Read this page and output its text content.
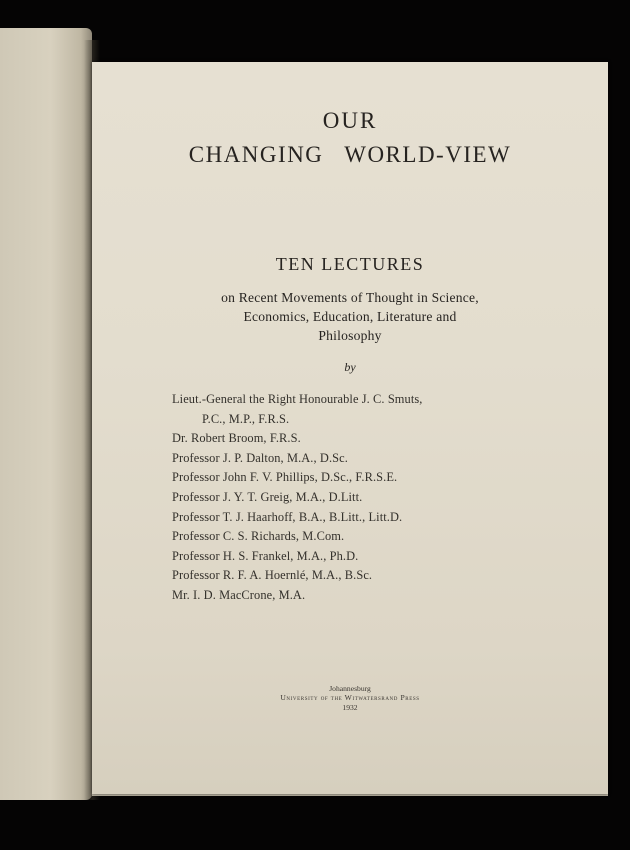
OUR
CHANGING WORLD-VIEW
TEN LECTURES
on Recent Movements of Thought in Science,
Economics, Education, Literature and
Philosophy
by
Lieut.-General the Right Honourable J. C. Smuts,
P.C., M.P., F.R.S.
Dr. Robert Broom, F.R.S.
Professor J. P. Dalton, M.A., D.Sc.
Professor John F. V. Phillips, D.Sc., F.R.S.E.
Professor J. Y. T. Greig, M.A., D.Litt.
Professor T. J. Haarhoff, B.A., B.Litt., Litt.D.
Professor C. S. Richards, M.Com.
Professor H. S. Frankel, M.A., Ph.D.
Professor R. F. A. Hoernlé, M.A., B.Sc.
Mr. I. D. MacCrone, M.A.
Johannesburg
University of the Witwatersrand Press
1932
